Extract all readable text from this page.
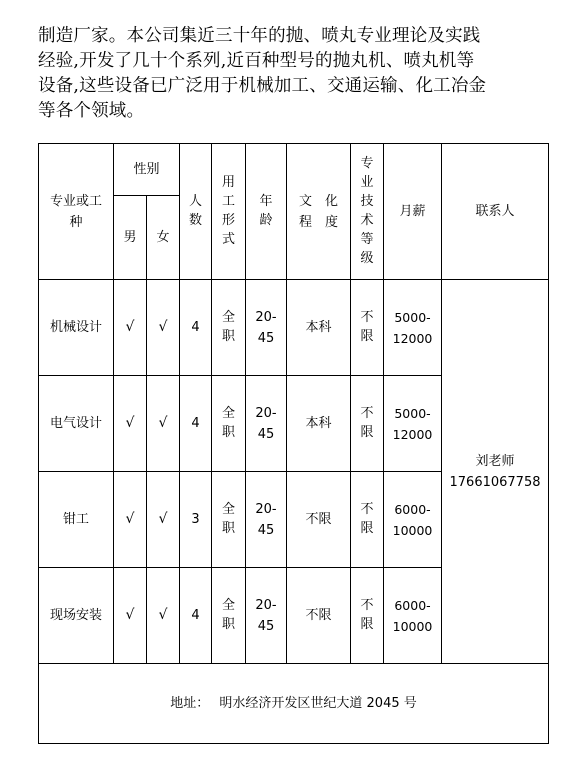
制造厂家。本公司集近三十年的抛、喷丸专业理论及实践

经验,开发了几十个系列,近百种型号的抛丸机、喷丸机等

设备,这些设备已广泛用于机械加工、交通运输、化工冶金

等各个领域。

专业或工种	性别		人数	用工形式	年龄	文　化程　度	专业技术等级	月薪	联系人
	男	女							
机械设计	√	√	4	全职	20-45	本科	不限	5000-12000	刘老师
17661067758

电气设计	√	√	4	全职	20-45	本科	不限	5000-12000	
钳工	√	√	3	全职	20-45	不限	不限	6000-10000	
现场安装	√	√	4	全职	20-45	不限	不限	6000-10000	
地址： 明水经济开发区世纪大道 2045 号									
